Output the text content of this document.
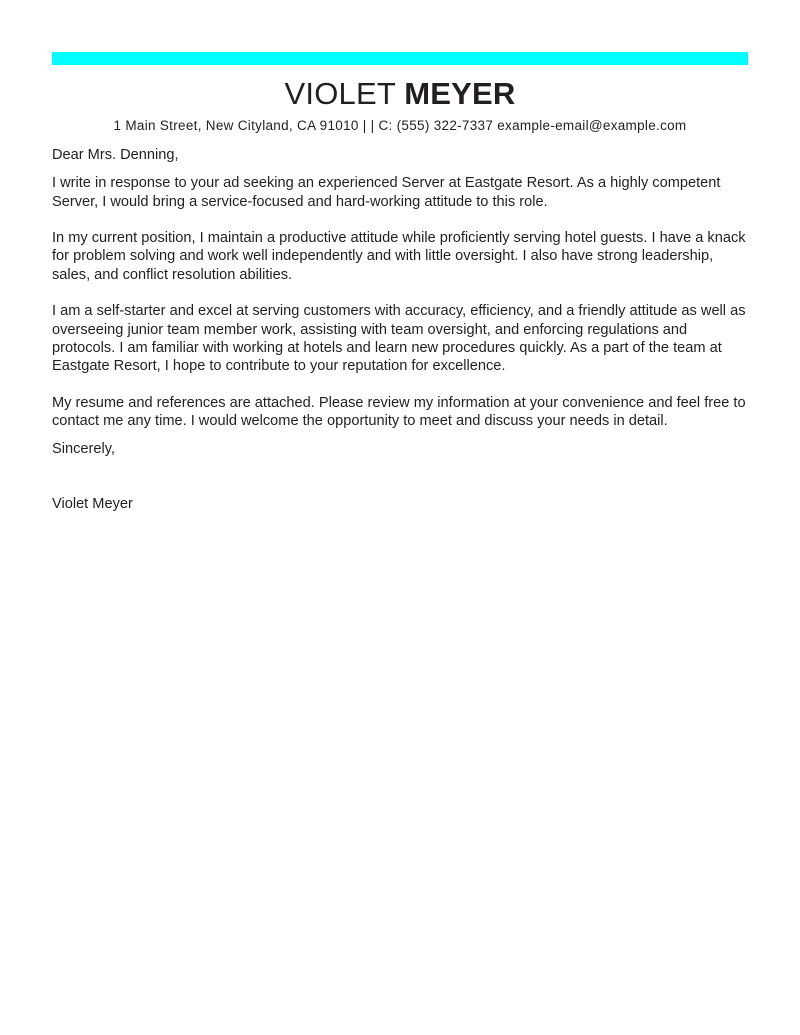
VIOLET MEYER
1 Main Street, New Cityland, CA 91010 | | C: (555) 322-7337 example-email@example.com

Dear Mrs. Denning,

I write in response to your ad seeking an experienced Server at Eastgate Resort. As a highly competent Server, I would bring a service-focused and hard-working attitude to this role.

In my current position, I maintain a productive attitude while proficiently serving hotel guests. I have a knack for problem solving and work well independently and with little oversight. I also have strong leadership, sales, and conflict resolution abilities.

I am a self-starter and excel at serving customers with accuracy, efficiency, and a friendly attitude as well as overseeing junior team member work, assisting with team oversight, and enforcing regulations and protocols. I am familiar with working at hotels and learn new procedures quickly. As a part of the team at Eastgate Resort, I hope to contribute to your reputation for excellence.

My resume and references are attached. Please review my information at your convenience and feel free to contact me any time. I would welcome the opportunity to meet and discuss your needs in detail.

Sincerely,

Violet Meyer
